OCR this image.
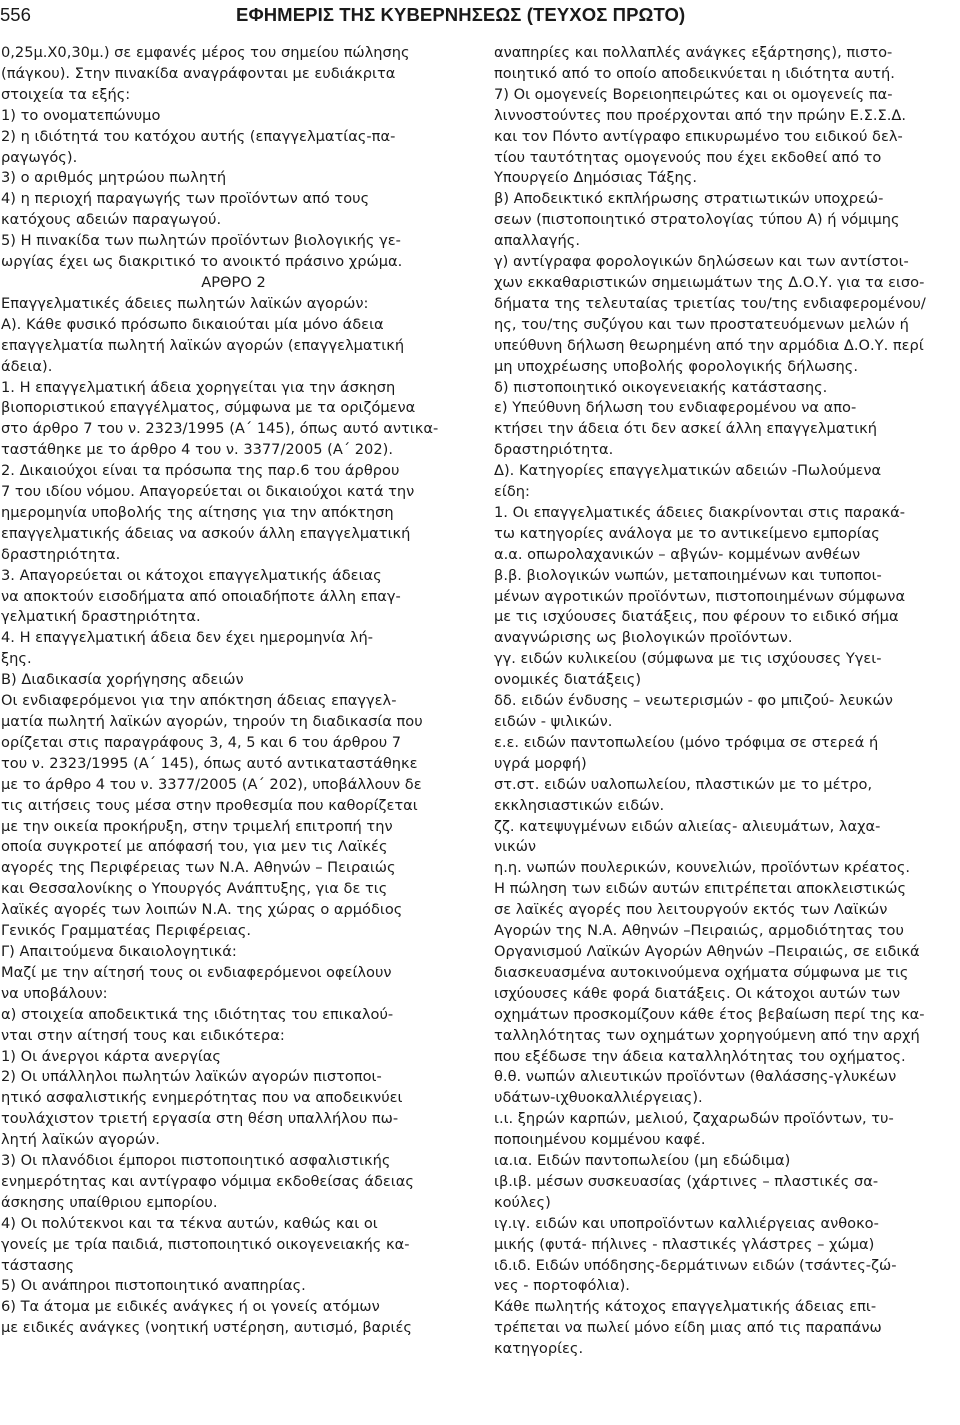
556	ΕΦΗΜΕΡΙΣ ΤΗΣ ΚΥΒΕΡΝΗΣΕΩΣ (ΤΕΥΧΟΣ ΠΡΩΤΟ)
0,25μ.Χ0,30μ.) σε εμφανές μέρος του σημείου πώλησης
(πάγκου). Στην πινακίδα αναγράφονται με ευδιάκριτα
στοιχεία τα εξής:
1) το ονοματεπώνυμο
2) η ιδιότητά του κατόχου αυτής (επαγγελματίας-πα-
ραγωγός).
3) ο αριθμός μητρώου πωλητή
4) η περιοχή παραγωγής των προϊόντων από τους
κατόχους αδειών παραγωγού.
5) Η πινακίδα των πωλητών προϊόντων βιολογικής γε-
ωργίας έχει ως διακριτικό το ανοικτό πράσινο χρώμα.
ΑΡΘΡΟ 2
Επαγγελματικές άδειες πωλητών λαϊκών αγορών:
Α). Κάθε φυσικό πρόσωπο δικαιούται μία μόνο άδεια
επαγγελματία πωλητή λαϊκών αγορών (επαγγελματική
άδεια).
1. Η επαγγελματική άδεια χορηγείται για την άσκηση
βιοποριστικού επαγγέλματος, σύμφωνα με τα οριζόμενα
στο άρθρο 7 του ν. 2323/1995 (Α΄ 145), όπως αυτό αντικα-
ταστάθηκε με το άρθρο 4 του ν. 3377/2005 (Α΄ 202).
2. Δικαιούχοι είναι τα πρόσωπα της παρ.6 του άρθρου
7 του ιδίου νόμου. Απαγορεύεται οι δικαιούχοι κατά την
ημερομηνία υποβολής της αίτησης για την απόκτηση
επαγγελματικής άδειας να ασκούν άλλη επαγγελματική
δραστηριότητα.
3. Απαγορεύεται οι κάτοχοι επαγγελματικής άδειας
να αποκτούν εισοδήματα από οποιαδήποτε άλλη επαγ-
γελματική δραστηριότητα.
4. Η επαγγελματική άδεια δεν έχει ημερομηνία λή-
ξης.
Β) Διαδικασία χορήγησης αδειών
Οι ενδιαφερόμενοι για την απόκτηση άδειας επαγγελ-
ματία πωλητή λαϊκών αγορών, τηρούν τη διαδικασία που
ορίζεται στις παραγράφους 3, 4, 5 και 6 του άρθρου 7
του ν. 2323/1995 (Α΄ 145), όπως αυτό αντικαταστάθηκε
με το άρθρο 4 του ν. 3377/2005 (Α΄ 202), υποβάλλουν δε
τις αιτήσεις τους μέσα στην προθεσμία που καθορίζεται
με την οικεία προκήρυξη, στην τριμελή επιτροπή την
οποία συγκροτεί με απόφασή του, για μεν τις Λαϊκές
αγορές της Περιφέρειας των Ν.Α. Αθηνών – Πειραιώς
και Θεσσαλονίκης ο Υπουργός Ανάπτυξης, για δε τις
λαϊκές αγορές των λοιπών Ν.Α. της χώρας ο αρμόδιος
Γενικός Γραμματέας Περιφέρειας.
Γ) Απαιτούμενα δικαιολογητικά:
Μαζί με την αίτησή τους οι ενδιαφερόμενοι οφείλουν
να υποβάλουν:
α) στοιχεία αποδεικτικά της ιδιότητας του επικαλού-
νται στην αίτησή τους και ειδικότερα:
1) Οι άνεργοι κάρτα ανεργίας
2) Οι υπάλληλοι πωλητών λαϊκών αγορών πιστοποι-
ητικό ασφαλιστικής ενημερότητας που να αποδεικνύει
τουλάχιστον τριετή εργασία στη θέση υπαλλήλου πω-
λητή λαϊκών αγορών.
3) Οι πλανόδιοι έμποροι πιστοποιητικό ασφαλιστικής
ενημερότητας και αντίγραφο νόμιμα εκδοθείσας άδειας
άσκησης υπαίθριου εμπορίου.
4) Οι πολύτεκνοι και τα τέκνα αυτών, καθώς και οι
γονείς με τρία παιδιά, πιστοποιητικό οικογενειακής κα-
τάστασης
5) Οι ανάπηροι πιστοποιητικό αναπηρίας.
6) Τα άτομα με ειδικές ανάγκες ή οι γονείς ατόμων
με ειδικές ανάγκες (νοητική υστέρηση, αυτισμό, βαριές
αναπηρίες και πολλαπλές ανάγκες εξάρτησης), πιστο-
ποιητικό από το οποίο αποδεικνύεται η ιδιότητα αυτή.
7) Οι ομογενείς Βορειοηπειρώτες και οι ομογενείς πα-
λιννοστούντες που προέρχονται από την πρώην Ε.Σ.Σ.Δ.
και τον Πόντο αντίγραφο επικυρωμένο του ειδικού δελ-
τίου ταυτότητας ομογενούς που έχει εκδοθεί από το
Υπουργείο Δημόσιας Τάξης.
β) Αποδεικτικό εκπλήρωσης στρατιωτικών υποχρεώ-
σεων (πιστοποιητικό στρατολογίας τύπου Α) ή νόμιμης
απαλλαγής.
γ) αντίγραφα φορολογικών δηλώσεων και των αντίστοι-
χων εκκαθαριστικών σημειωμάτων της Δ.Ο.Υ. για τα εισο-
δήματα της τελευταίας τριετίας του/της ενδιαφερομένου/
ης, του/της συζύγου και των προστατευόμενων μελών ή
υπεύθυνη δήλωση θεωρημένη από την αρμόδια Δ.Ο.Υ. περί
μη υποχρέωσης υποβολής φορολογικής δήλωσης.
δ) πιστοποιητικό οικογενειακής κατάστασης.
ε) Υπεύθυνη δήλωση του ενδιαφερομένου να απο-
κτήσει την άδεια ότι δεν ασκεί άλλη επαγγελματική
δραστηριότητα.
Δ). Κατηγορίες επαγγελματικών αδειών -Πωλούμενα
είδη:
1. Οι επαγγελματικές άδειες διακρίνονται στις παρακά-
τω κατηγορίες ανάλογα με το αντικείμενο εμπορίας
α.α. οπωρολαχανικών – αβγών- κομμένων ανθέων
β.β. βιολογικών νωπών, μεταποιημένων και τυποποι-
μένων αγροτικών προϊόντων, πιστοποιημένων σύμφωνα
με τις ισχύουσες διατάξεις, που φέρουν το ειδικό σήμα
αναγνώρισης ως βιολογικών προϊόντων.
γγ. ειδών κυλικείου (σύμφωνα με τις ισχύουσες Υγει-
ονομικές διατάξεις)
δδ. ειδών ένδυσης – νεωτερισμών - φο μπιζού- λευκών
ειδών - ψιλικών.
ε.ε. ειδών παντοπωλείου (μόνο τρόφιμα σε στερεά ή
υγρά μορφή)
στ.στ. ειδών υαλοπωλείου, πλαστικών με το μέτρο,
εκκλησιαστικών ειδών.
ζζ. κατεψυγμένων ειδών αλιείας- αλιευμάτων, λαχα-
νικών
η.η. νωπών πουλερικών, κουνελιών, προϊόντων κρέατος.
Η πώληση των ειδών αυτών επιτρέπεται αποκλειστικώς
σε λαϊκές αγορές που λειτουργούν εκτός των Λαϊκών
Αγορών της Ν.Α. Αθηνών –Πειραιώς, αρμοδιότητας του
Οργανισμού Λαϊκών Αγορών Αθηνών –Πειραιώς, σε ειδικά
διασκευασμένα αυτοκινούμενα οχήματα σύμφωνα με τις
ισχύουσες κάθε φορά διατάξεις. Οι κάτοχοι αυτών των
οχημάτων προσκομίζουν κάθε έτος βεβαίωση περί της κα-
ταλληλότητας των οχημάτων χορηγούμενη από την αρχή
που εξέδωσε την άδεια καταλληλότητας του οχήματος.
θ.θ. νωπών αλιευτικών προϊόντων (θαλάσσης-γλυκέων
υδάτων-ιχθυοκαλλιέργειας).
ι.ι. ξηρών καρπών, μελιού, ζαχαρωδών προϊόντων, τυ-
ποποιημένου κομμένου καφέ.
ια.ια. Ειδών παντοπωλείου (μη εδώδιμα)
ιβ.ιβ. μέσων συσκευασίας (χάρτινες – πλαστικές σα-
κούλες)
ιγ.ιγ. ειδών και υποπροϊόντων καλλιέργειας ανθοκο-
μικής (φυτά- πήλινες - πλαστικές γλάστρες – χώμα)
ιδ.ιδ. Ειδών υπόδησης-δερμάτινων ειδών (τσάντες-ζώ-
νες - πορτοφόλια).
Κάθε πωλητής κάτοχος επαγγελματικής άδειας επι-
τρέπεται να πωλεί μόνο είδη μιας από τις παραπάνω
κατηγορίες.
